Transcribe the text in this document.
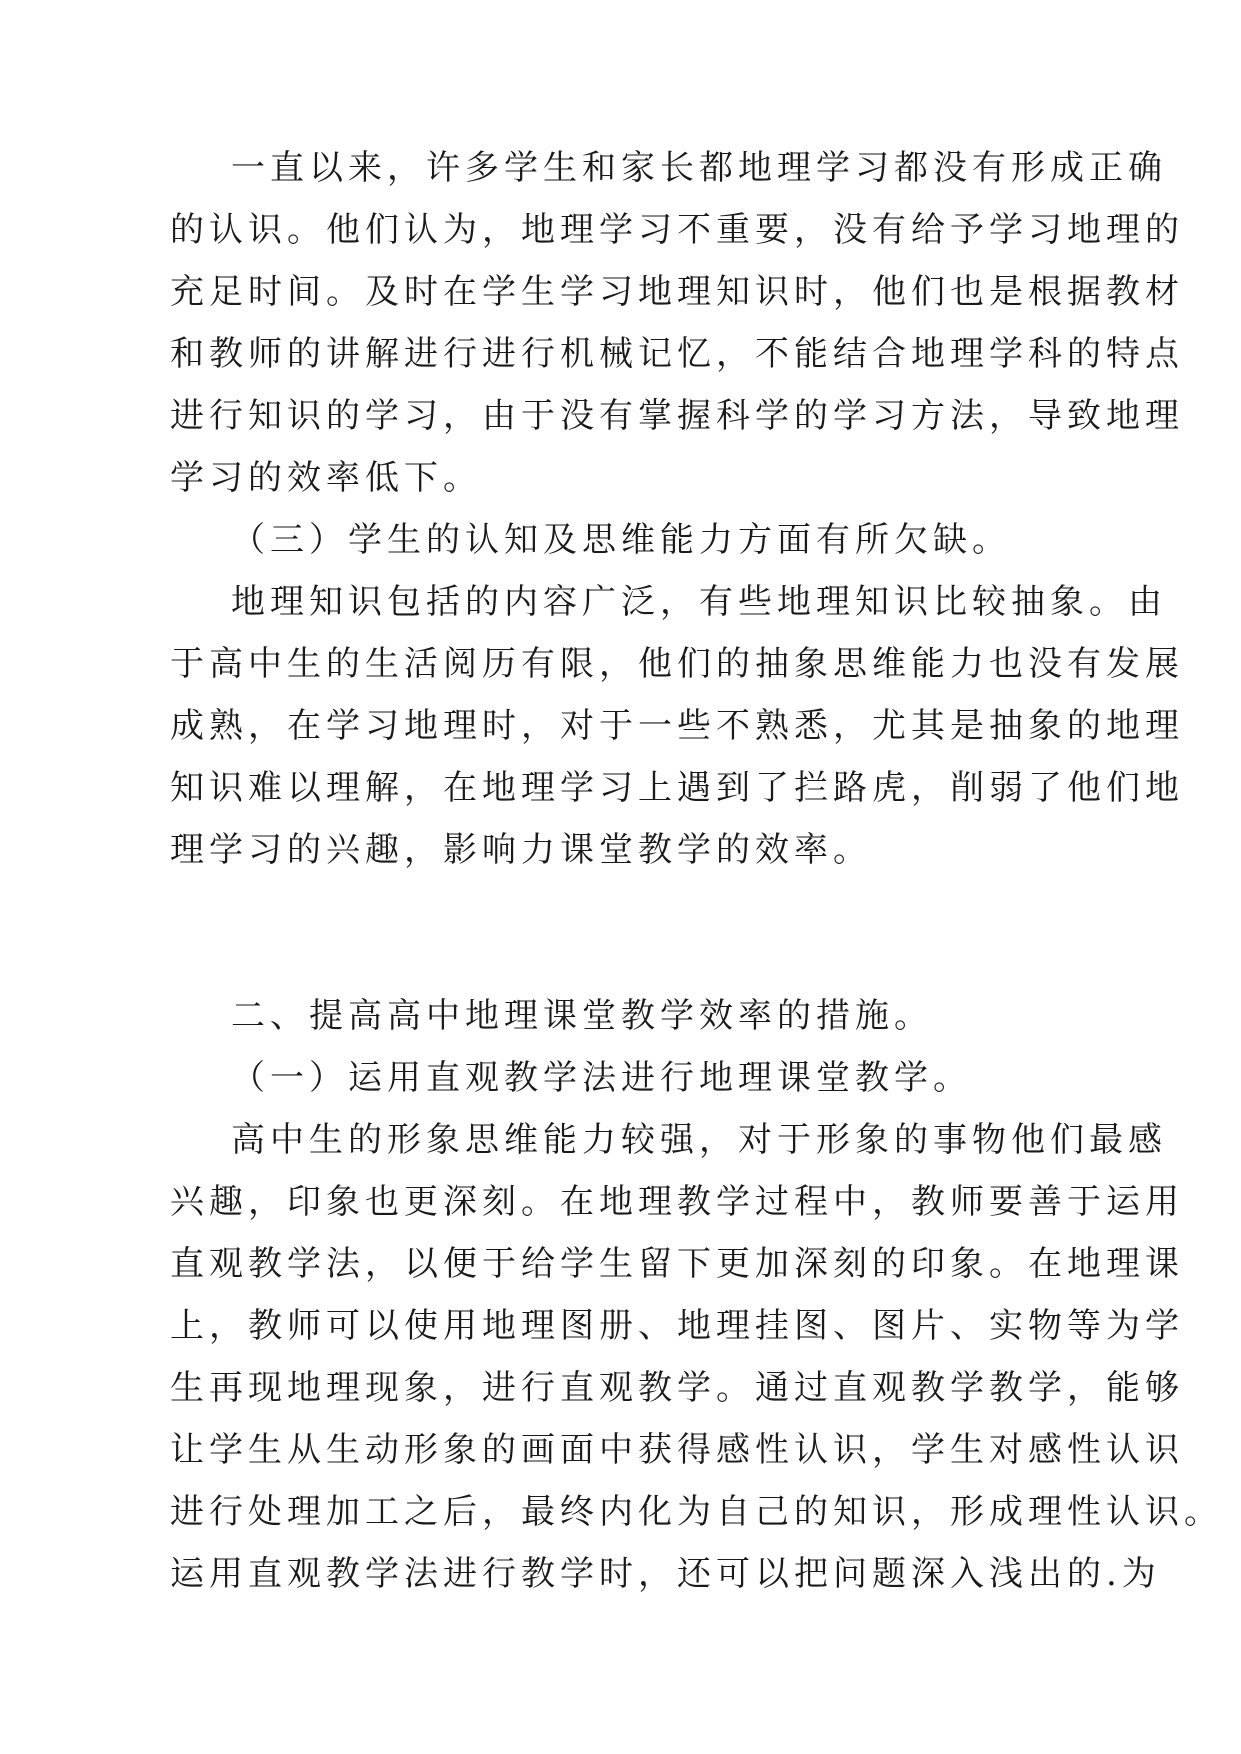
一直以来，许多学生和家长都地理学习都没有形成正确
的认识。他们认为，地理学习不重要，没有给予学习地理的
充足时间。及时在学生学习地理知识时，他们也是根据教材
和教师的讲解进行进行机械记忆，不能结合地理学科的特点
进行知识的学习，由于没有掌握科学的学习方法，导致地理
学习的效率低下。
（三）学生的认知及思维能力方面有所欠缺。
地理知识包括的内容广泛，有些地理知识比较抽象。由
于高中生的生活阅历有限，他们的抽象思维能力也没有发展
成熟，在学习地理时，对于一些不熟悉，尤其是抽象的地理
知识难以理解，在地理学习上遇到了拦路虎，削弱了他们地
理学习的兴趣，影响力课堂教学的效率。
二、提高高中地理课堂教学效率的措施。
（一）运用直观教学法进行地理课堂教学。
高中生的形象思维能力较强，对于形象的事物他们最感
兴趣，印象也更深刻。在地理教学过程中，教师要善于运用
直观教学法，以便于给学生留下更加深刻的印象。在地理课
上，教师可以使用地理图册、地理挂图、图片、实物等为学
生再现地理现象，进行直观教学。通过直观教学教学，能够
让学生从生动形象的画面中获得感性认识，学生对感性认识
进行处理加工之后，最终内化为自己的知识，形成理性认识。
运用直观教学法进行教学时，还可以把问题深入浅出的.为
